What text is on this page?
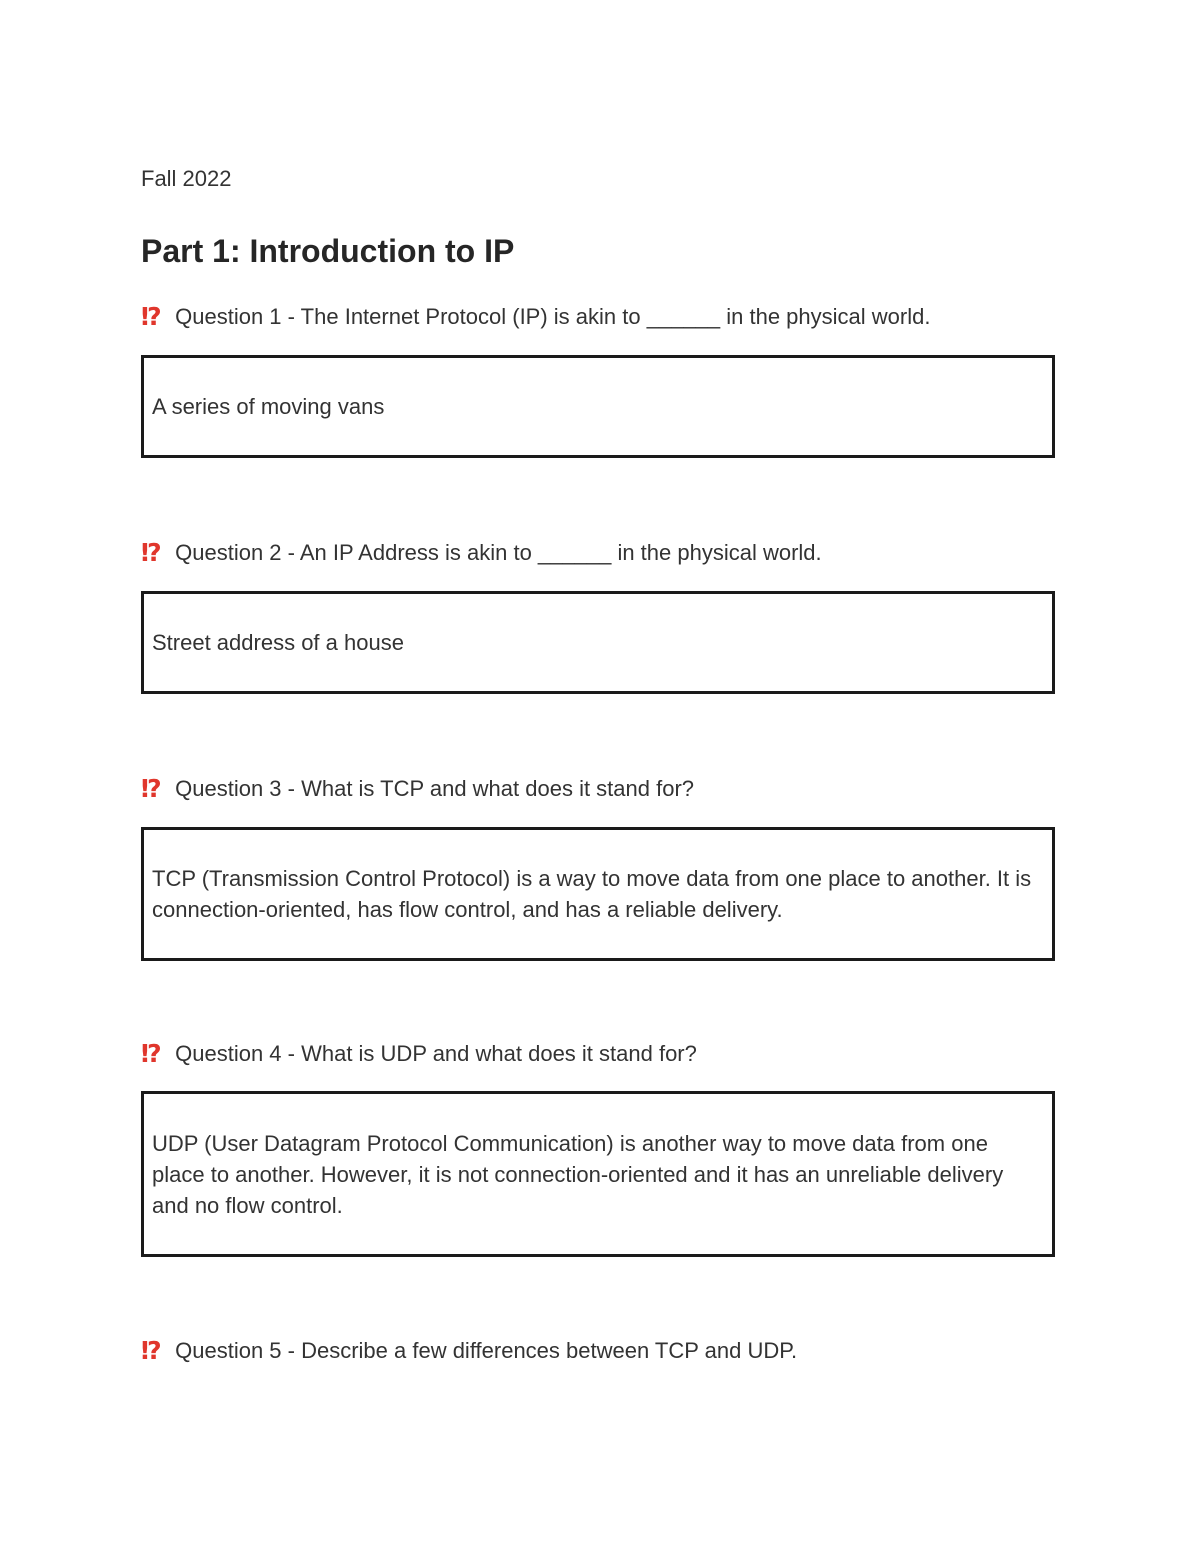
Fall 2022
Part 1: Introduction to IP
⁉ Question 1 - The Internet Protocol (IP) is akin to ______ in the physical world.
A series of moving vans
⁉ Question 2 - An IP Address is akin to ______ in the physical world.
Street address of a house
⁉ Question 3 - What is TCP and what does it stand for?
TCP (Transmission Control Protocol) is a way to move data from one place to another. It is connection-oriented, has flow control, and has a reliable delivery.
⁉ Question 4 - What is UDP and what does it stand for?
UDP (User Datagram Protocol Communication) is another way to move data from one place to another. However, it is not connection-oriented and it has an unreliable delivery and no flow control.
⁉ Question 5 - Describe a few differences between TCP and UDP.
